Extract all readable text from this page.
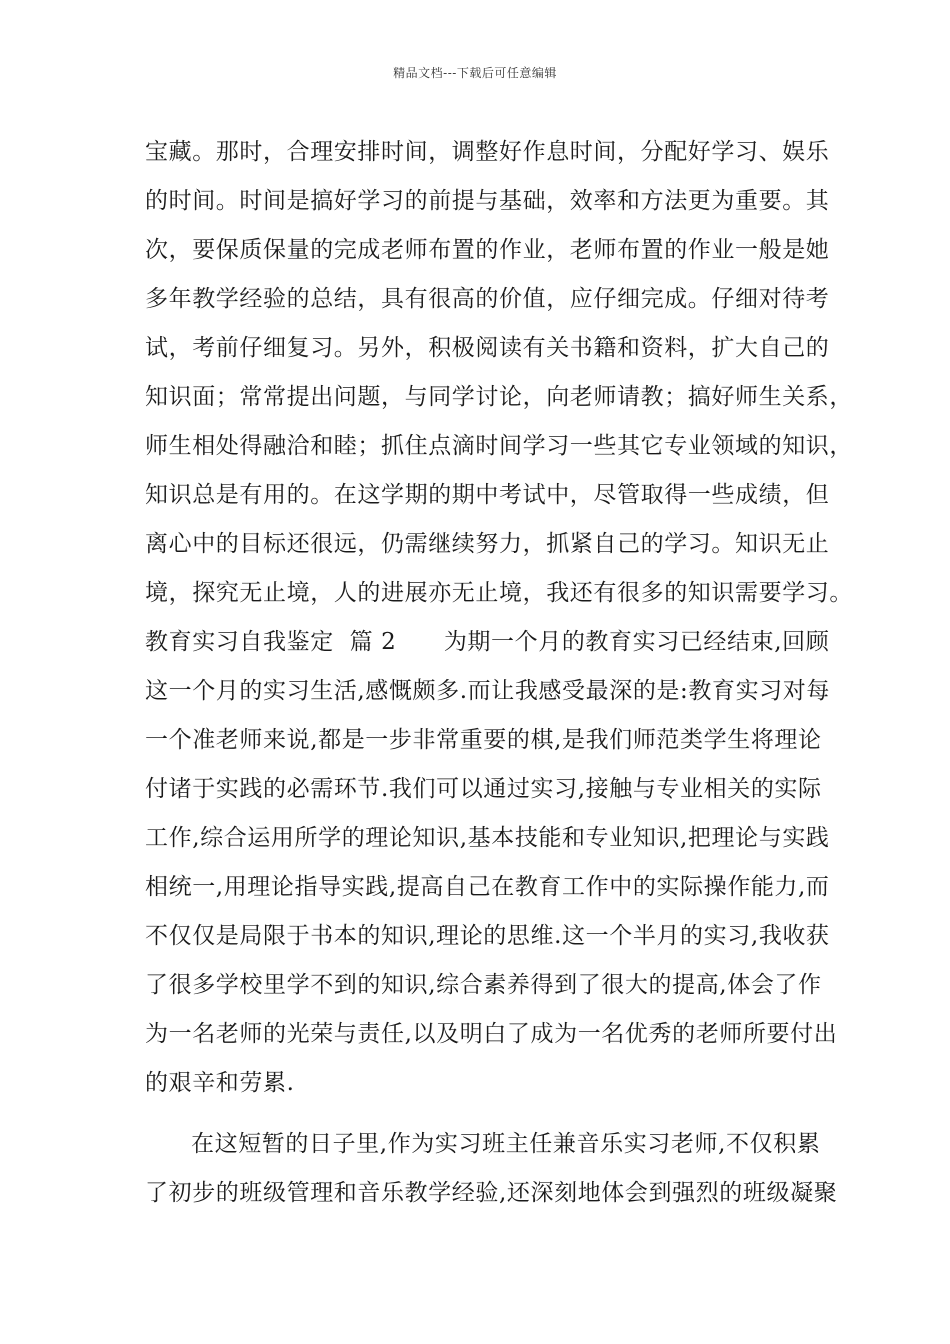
精品文档---下载后可任意编辑
宝藏。那时，合理安排时间，调整好作息时间，分配好学习、娱乐
的时间。时间是搞好学习的前提与基础，效率和方法更为重要。其
次，要保质保量的完成老师布置的作业，老师布置的作业一般是她
多年教学经验的总结，具有很高的价值，应仔细完成。仔细对待考
试，考前仔细复习。另外，积极阅读有关书籍和资料，扩大自己的
知识面；常常提出问题，与同学讨论，向老师请教；搞好师生关系，
师生相处得融洽和睦；抓住点滴时间学习一些其它专业领域的知识，
知识总是有用的。在这学期的期中考试中，尽管取得一些成绩，但
离心中的目标还很远，仍需继续努力，抓紧自己的学习。知识无止
境，探究无止境，人的进展亦无止境，我还有很多的知识需要学习。
教育实习自我鉴定  篇 2      为期一个月的教育实习已经结束,回顾
这一个月的实习生活,感慨颇多.而让我感受最深的是:教育实习对每
一个准老师来说,都是一步非常重要的棋,是我们师范类学生将理论
付诸于实践的必需环节.我们可以通过实习,接触与专业相关的实际
工作,综合运用所学的理论知识,基本技能和专业知识,把理论与实践
相统一,用理论指导实践,提高自己在教育工作中的实际操作能力,而
不仅仅是局限于书本的知识,理论的思维.这一个半月的实习,我收获
了很多学校里学不到的知识,综合素养得到了很大的提高,体会了作
为一名老师的光荣与责任,以及明白了成为一名优秀的老师所要付出
的艰辛和劳累.
在这短暂的日子里,作为实习班主任兼音乐实习老师,不仅积累
了初步的班级管理和音乐教学经验,还深刻地体会到强烈的班级凝聚
